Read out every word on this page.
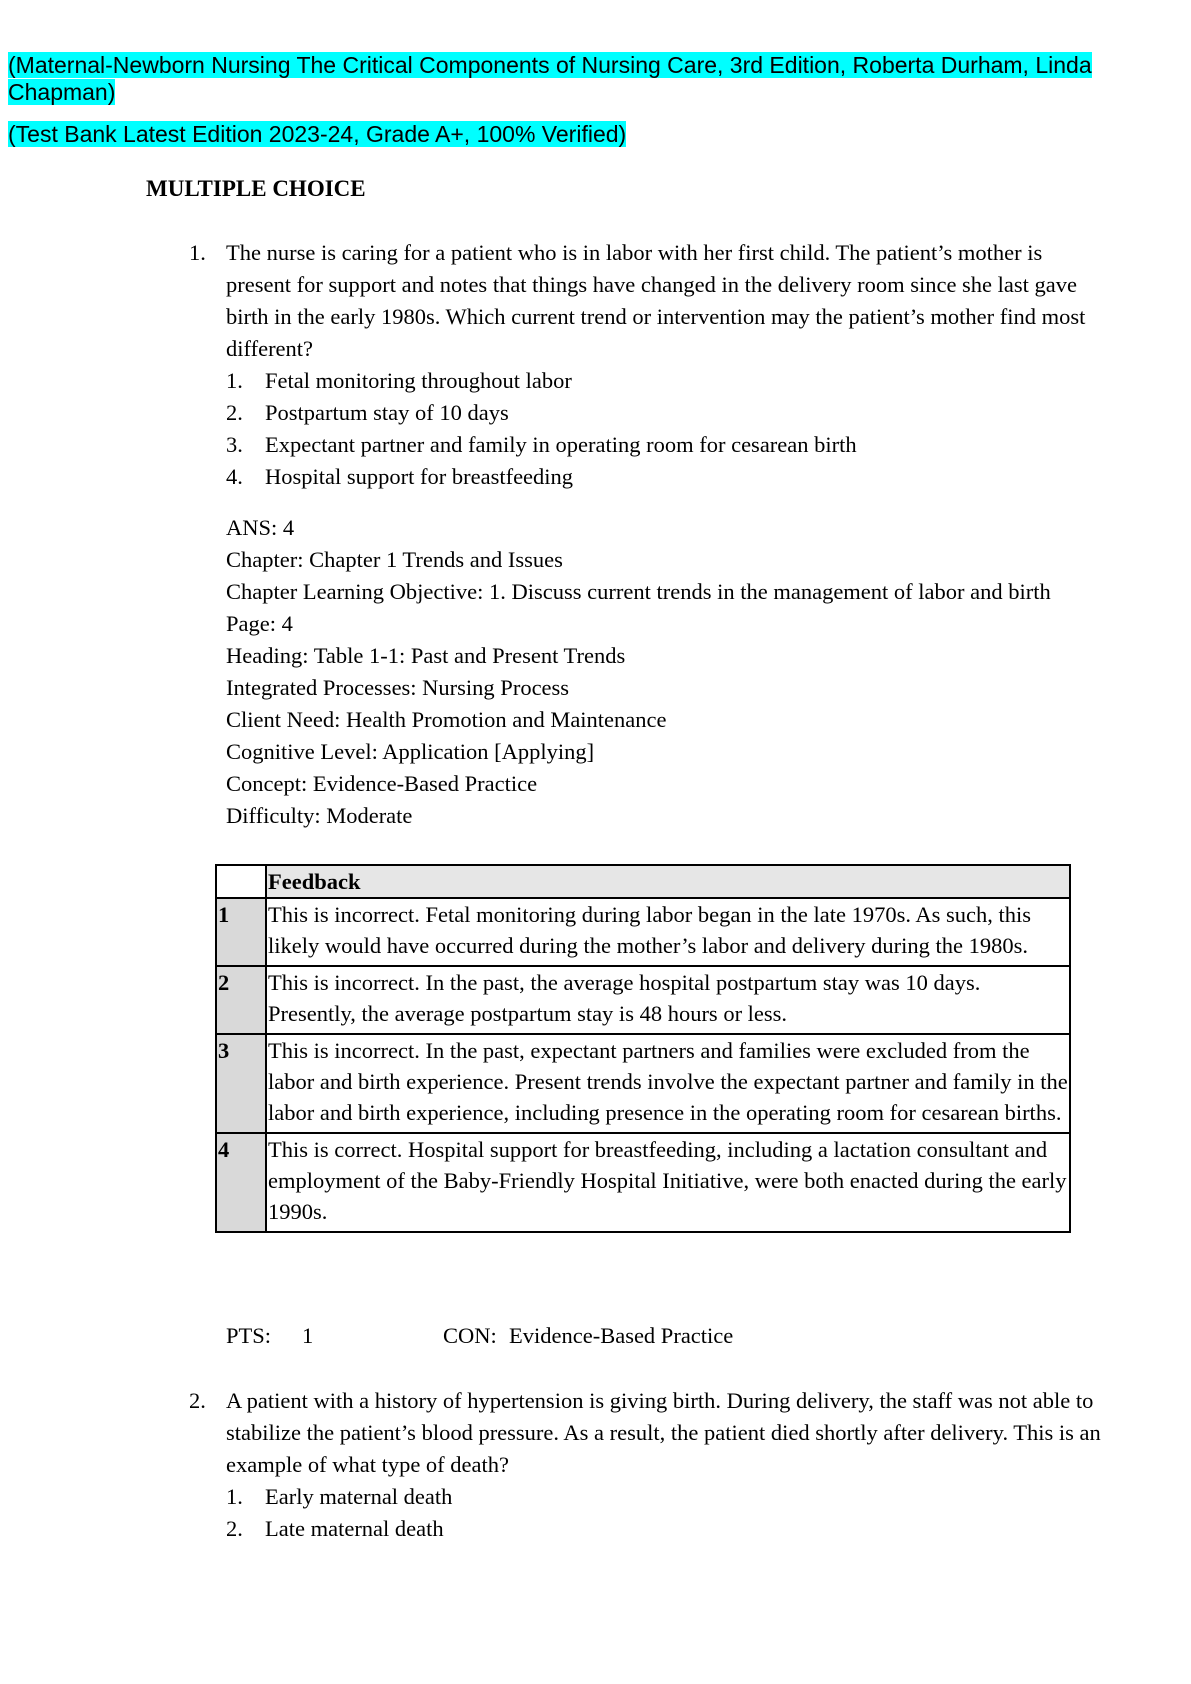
(Maternal-Newborn Nursing The Critical Components of Nursing Care, 3rd Edition, Roberta Durham, Linda Chapman)
(Test Bank Latest Edition 2023-24, Grade A+, 100% Verified)
MULTIPLE CHOICE
1. The nurse is caring for a patient who is in labor with her first child. The patient’s mother is present for support and notes that things have changed in the delivery room since she last gave birth in the early 1980s. Which current trend or intervention may the patient’s mother find most different?
1. Fetal monitoring throughout labor
2. Postpartum stay of 10 days
3. Expectant partner and family in operating room for cesarean birth
4. Hospital support for breastfeeding
ANS: 4
Chapter: Chapter 1 Trends and Issues
Chapter Learning Objective: 1. Discuss current trends in the management of labor and birth
Page: 4
Heading: Table 1-1: Past and Present Trends
Integrated Processes: Nursing Process
Client Need: Health Promotion and Maintenance
Cognitive Level: Application [Applying]
Concept: Evidence-Based Practice
Difficulty: Moderate
	Feedback
1	This is incorrect. Fetal monitoring during labor began in the late 1970s. As such, this likely would have occurred during the mother’s labor and delivery during the 1980s.
2	This is incorrect. In the past, the average hospital postpartum stay was 10 days. Presently, the average postpartum stay is 48 hours or less.
3	This is incorrect. In the past, expectant partners and families were excluded from the labor and birth experience. Present trends involve the expectant partner and family in the labor and birth experience, including presence in the operating room for cesarean births.
4	This is correct. Hospital support for breastfeeding, including a lactation consultant and employment of the Baby-Friendly Hospital Initiative, were both enacted during the early 1990s.
PTS: 1	CON: Evidence-Based Practice
2. A patient with a history of hypertension is giving birth. During delivery, the staff was not able to stabilize the patient’s blood pressure. As a result, the patient died shortly after delivery. This is an example of what type of death?
1. Early maternal death
2. Late maternal death
